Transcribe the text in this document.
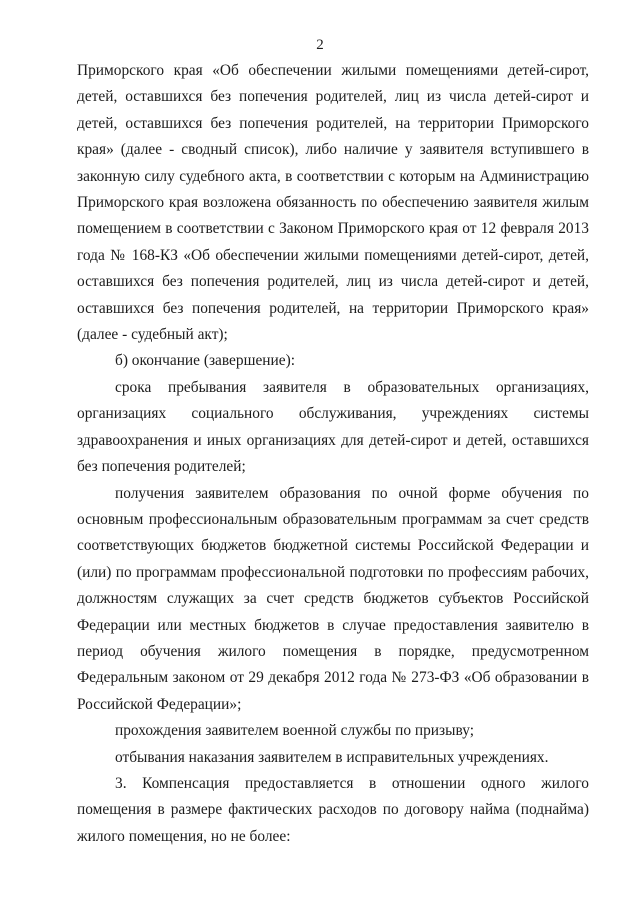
2

Приморского края «Об обеспечении жилыми помещениями детей-сирот, детей, оставшихся без попечения родителей, лиц из числа детей-сирот и детей, оставшихся без попечения родителей, на территории Приморского края» (далее - сводный список), либо наличие у заявителя вступившего в законную силу судебного акта, в соответствии с которым на Администрацию Приморского края возложена обязанность по обеспечению заявителя жилым помещением в соответствии с Законом Приморского края от 12 февраля 2013 года № 168-КЗ «Об обеспечении жилыми помещениями детей-сирот, детей, оставшихся без попечения родителей, лиц из числа детей-сирот и детей, оставшихся без попечения родителей, на территории Приморского края» (далее - судебный акт);

б) окончание (завершение):

срока пребывания заявителя в образовательных организациях, организациях социального обслуживания, учреждениях системы здравоохранения и иных организациях для детей-сирот и детей, оставшихся без попечения родителей;

получения заявителем образования по очной форме обучения по основным профессиональным образовательным программам за счет средств соответствующих бюджетов бюджетной системы Российской Федерации и (или) по программам профессиональной подготовки по профессиям рабочих, должностям служащих за счет средств бюджетов субъектов Российской Федерации или местных бюджетов в случае предоставления заявителю в период обучения жилого помещения в порядке, предусмотренном Федеральным законом от 29 декабря 2012 года № 273-ФЗ «Об образовании в Российской Федерации»;

прохождения заявителем военной службы по призыву;

отбывания наказания заявителем в исправительных учреждениях.

3. Компенсация предоставляется в отношении одного жилого помещения в размере фактических расходов по договору найма (поднайма) жилого помещения, но не более:
